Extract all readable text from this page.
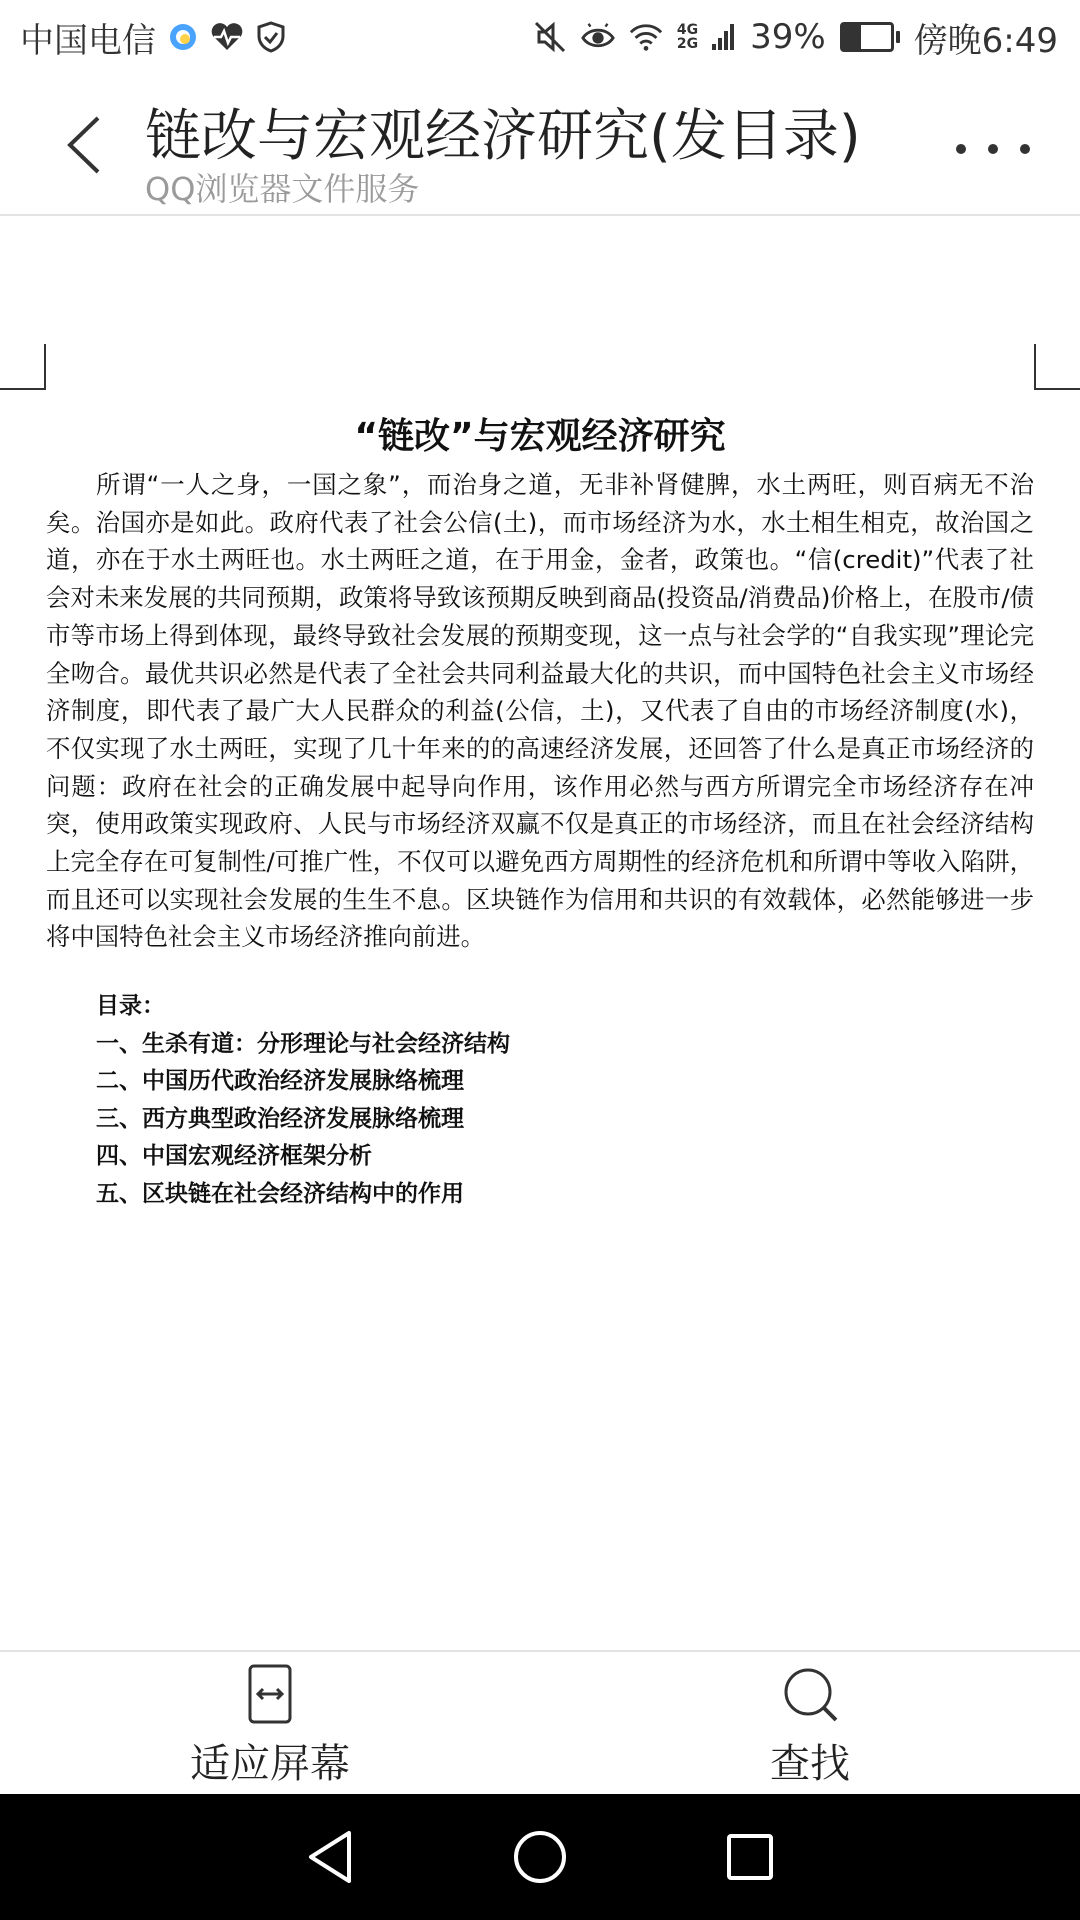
中国电信	4G
2G 39%	傍晚6:49
链改与宏观经济研究(发目录)
QQ浏览器文件服务
“链改”与宏观经济研究
所谓“一人之身，一国之象”，而治身之道，无非补肾健脾，水土两旺，则百病无不治矣。治国亦是如此。政府代表了社会公信(土)，而市场经济为水，水土相生相克，故治国之道，亦在于水土两旺也。水土两旺之道，在于用金，金者，政策也。“信(credit)”代表了社会对未来发展的共同预期，政策将导致该预期反映到商品(投资品/消费品)价格上，在股市/债市等市场上得到体现，最终导致社会发展的预期变现，这一点与社会学的“自我实现”理论完全吻合。最优共识必然是代表了全社会共同利益最大化的共识，而中国特色社会主义市场经济制度，即代表了最广大人民群众的利益(公信，土)，又代表了自由的市场经济制度(水)，不仅实现了水土两旺，实现了几十年来的的高速经济发展，还回答了什么是真正市场经济的问题：政府在社会的正确发展中起导向作用，该作用必然与西方所谓完全市场经济存在冲突，使用政策实现政府、人民与市场经济双赢不仅是真正的市场经济，而且在社会经济结构上完全存在可复制性/可推广性，不仅可以避免西方周期性的经济危机和所谓中等收入陷阱，而且还可以实现社会发展的生生不息。区块链作为信用和共识的有效载体，必然能够进一步将中国特色社会主义市场经济推向前进。
目录：
一、生杀有道：分形理论与社会经济结构
二、中国历代政治经济发展脉络梳理
三、西方典型政治经济发展脉络梳理
四、中国宏观经济框架分析
五、区块链在社会经济结构中的作用
适应屏幕	查找
